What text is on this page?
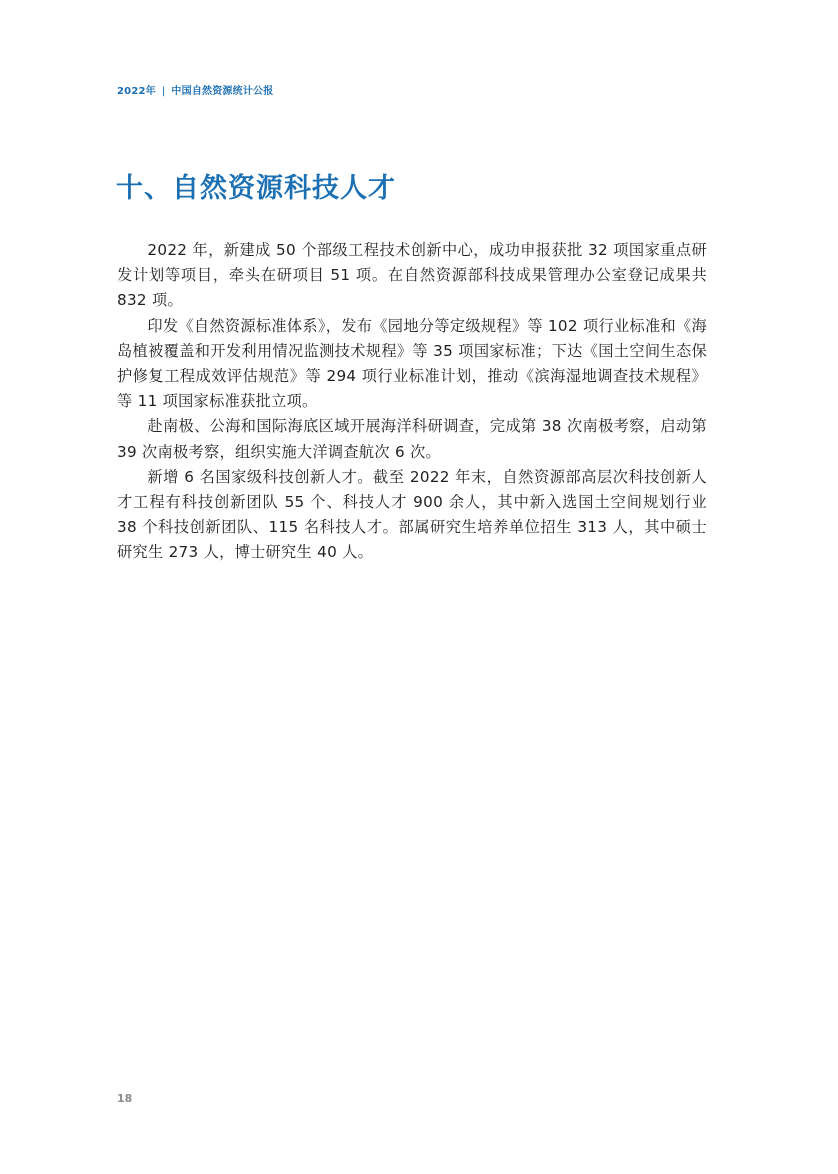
2022年 | 中国自然资源统计公报
十、自然资源科技人才

2022 年，新建成 50 个部级工程技术创新中心，成功申报获批 32 项国家重点研发计划等项目，牵头在研项目 51 项。在自然资源部科技成果管理办公室登记成果共 832 项。

印发《自然资源标准体系》，发布《园地分等定级规程》等 102 项行业标准和《海岛植被覆盖和开发利用情况监测技术规程》等 35 项国家标准；下达《国土空间生态保护修复工程成效评估规范》等 294 项行业标准计划，推动《滨海湿地调查技术规程》等 11 项国家标准获批立项。

赴南极、公海和国际海底区域开展海洋科研调查，完成第 38 次南极考察，启动第 39 次南极考察，组织实施大洋调查航次 6 次。

新增 6 名国家级科技创新人才。截至 2022 年末，自然资源部高层次科技创新人才工程有科技创新团队 55 个、科技人才 900 余人，其中新入选国土空间规划行业 38 个科技创新团队、115 名科技人才。部属研究生培养单位招生 313 人，其中硕士研究生 273 人，博士研究生 40 人。

18
